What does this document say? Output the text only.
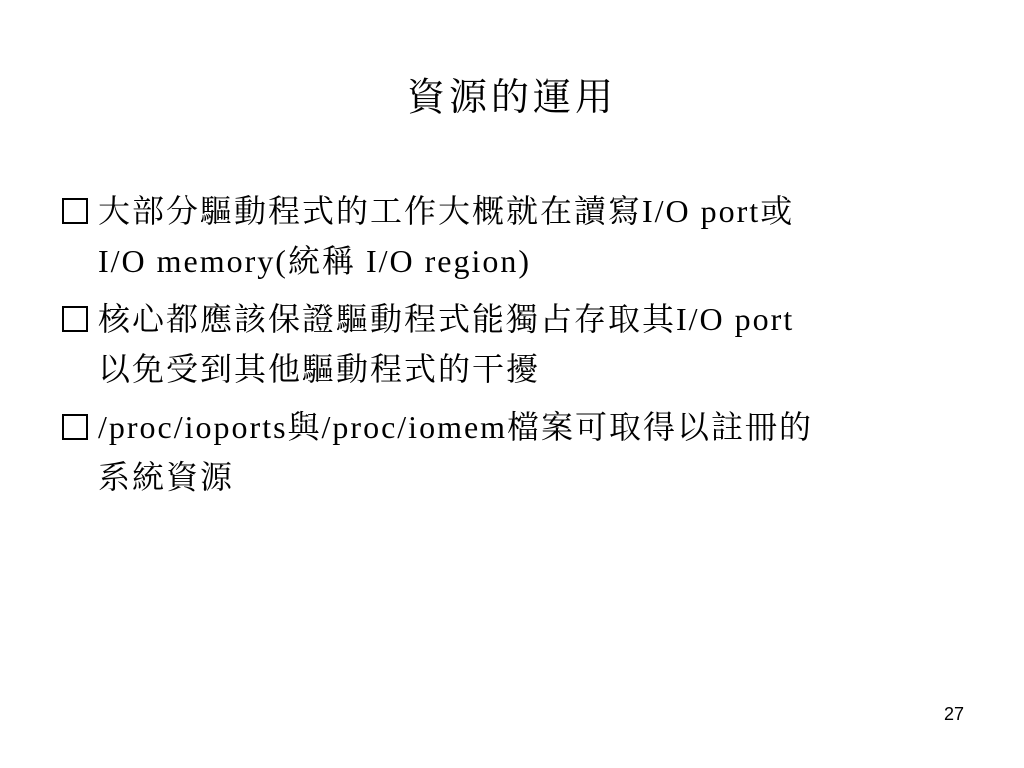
資源的運用
大部分驅動程式的工作大概就在讀寫I/O port或
I/O memory(統稱 I/O region)
核心都應該保證驅動程式能獨占存取其I/O port
以免受到其他驅動程式的干擾
/proc/ioports與/proc/iomem檔案可取得以註冊的
系統資源
27
